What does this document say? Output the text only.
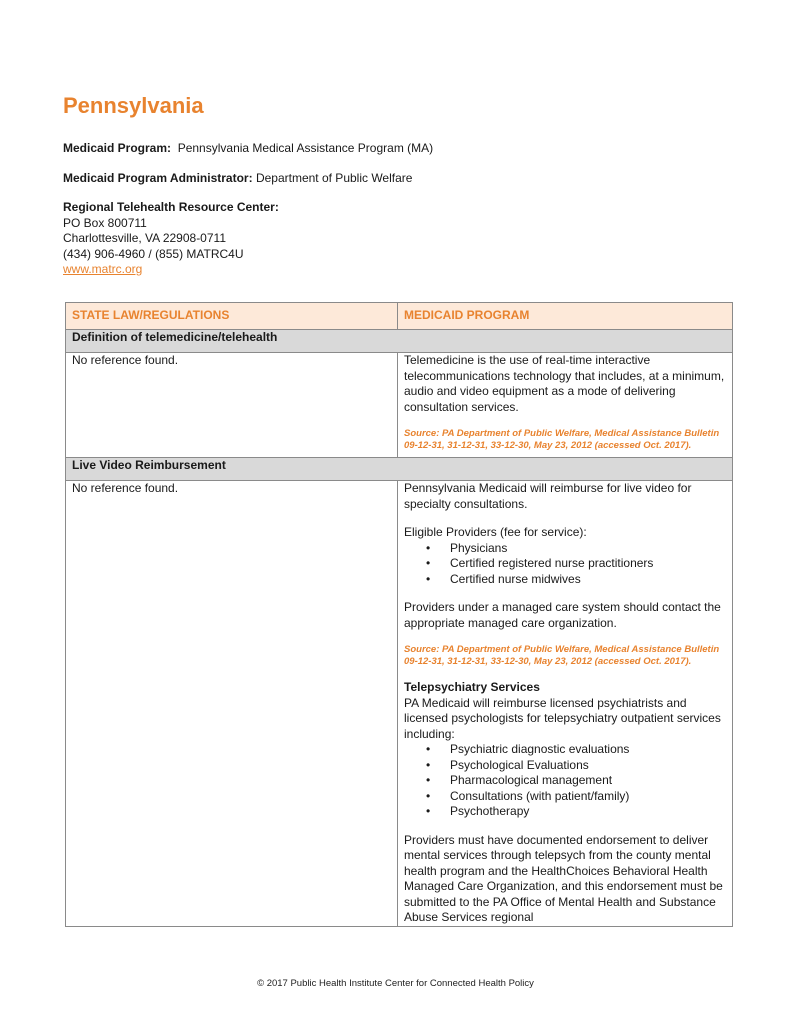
Pennsylvania
Medicaid Program: Pennsylvania Medical Assistance Program (MA)
Medicaid Program Administrator: Department of Public Welfare
Regional Telehealth Resource Center:
PO Box 800711
Charlottesville, VA 22908-0711
(434) 906-4960 / (855) MATRC4U
www.matrc.org
STATE LAW/REGULATIONS	MEDICAID PROGRAM
Definition of telemedicine/telehealth	

No reference found.	Telemedicine is the use of real-time interactive telecommunications technology that includes, at a minimum, audio and video equipment as a mode of delivering consultation services.

Source: PA Department of Public Welfare, Medical Assistance Bulletin 09-12-31, 31-12-31, 33-12-30, May 23, 2012 (accessed Oct. 2017).

Live Video Reimbursement	

No reference found.	Pennsylvania Medicaid will reimburse for live video for specialty consultations.

Eligible Providers (fee for service):
• Physicians
• Certified registered nurse practitioners
• Certified nurse midwives

Providers under a managed care system should contact the appropriate managed care organization.

Source: PA Department of Public Welfare, Medical Assistance Bulletin 09-12-31, 31-12-31, 33-12-30, May 23, 2012 (accessed Oct. 2017).

Telepsychiatry Services
PA Medicaid will reimburse licensed psychiatrists and licensed psychologists for telepsychiatry outpatient services including:
• Psychiatric diagnostic evaluations
• Psychological Evaluations
• Pharmacological management
• Consultations (with patient/family)
• Psychotherapy

Providers must have documented endorsement to deliver mental services through telepsych from the county mental health program and the HealthChoices Behavioral Health Managed Care Organization, and this endorsement must be submitted to the PA Office of Mental Health and Substance Abuse Services regional

© 2017 Public Health Institute Center for Connected Health Policy
